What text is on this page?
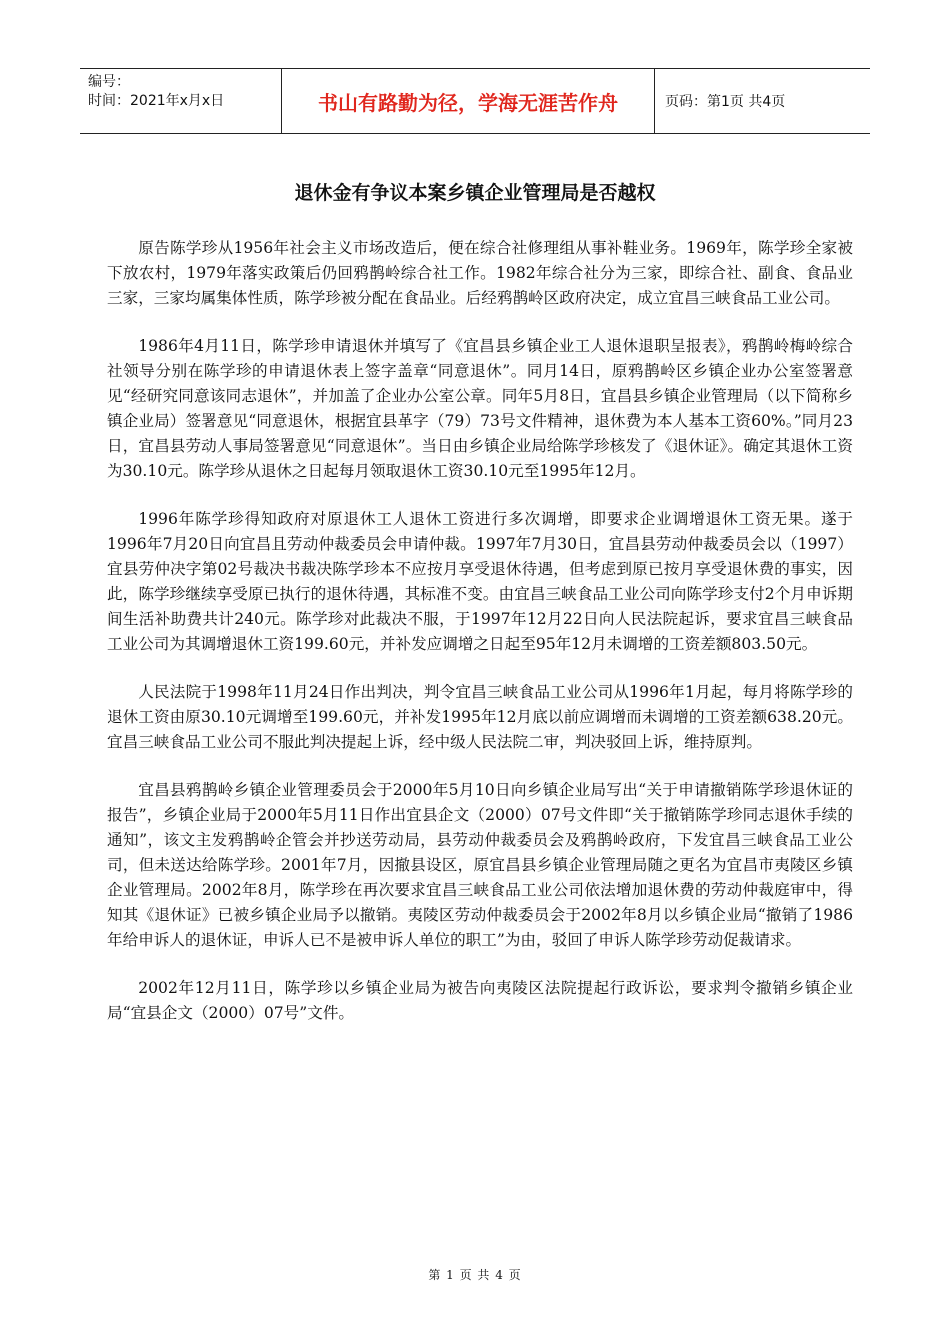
编号：
时间：2021年x月x日	书山有路勤为径，学海无涯苦作舟	页码：第1页 共4页
退休金有争议本案乡镇企业管理局是否越权

原告陈学珍从1956年社会主义市场改造后，便在综合社修理组从事补鞋业务。1969年，陈学珍全家被下放农村，1979年落实政策后仍回鸦鹊岭综合社工作。1982年综合社分为三家，即综合社、副食、食品业三家，三家均属集体性质，陈学珍被分配在食品业。后经鸦鹊岭区政府决定，成立宜昌三峡食品工业公司。

1986年4月11日，陈学珍申请退休并填写了《宜昌县乡镇企业工人退休退职呈报表》，鸦鹊岭梅岭综合社领导分别在陈学珍的申请退休表上签字盖章“同意退休”。同月14日，原鸦鹊岭区乡镇企业办公室签署意见“经研究同意该同志退休”，并加盖了企业办公室公章。同年5月8日，宜昌县乡镇企业管理局（以下简称乡镇企业局）签署意见“同意退休，根据宜县革字（79）73号文件精神，退休费为本人基本工资60%。”同月23日，宜昌县劳动人事局签署意见“同意退休”。当日由乡镇企业局给陈学珍核发了《退休证》。确定其退休工资为30.10元。陈学珍从退休之日起每月领取退休工资30.10元至1995年12月。

1996年陈学珍得知政府对原退休工人退休工资进行多次调增，即要求企业调增退休工资无果。遂于1996年7月20日向宜昌且劳动仲裁委员会申请仲裁。1997年7月30日，宜昌县劳动仲裁委员会以（1997）宜县劳仲决字第02号裁决书裁决陈学珍本不应按月享受退休待遇，但考虑到原已按月享受退休费的事实，因此，陈学珍继续享受原已执行的退休待遇，其标准不变。由宜昌三峡食品工业公司向陈学珍支付2个月申诉期间生活补助费共计240元。陈学珍对此裁决不服，于1997年12月22日向人民法院起诉，要求宜昌三峡食品工业公司为其调增退休工资199.60元，并补发应调增之日起至95年12月未调增的工资差额803.50元。

人民法院于1998年11月24日作出判决，判令宜昌三峡食品工业公司从1996年1月起，每月将陈学珍的退休工资由原30.10元调增至199.60元，并补发1995年12月底以前应调增而未调增的工资差额638.20元。宜昌三峡食品工业公司不服此判决提起上诉，经中级人民法院二审，判决驳回上诉，维持原判。

宜昌县鸦鹊岭乡镇企业管理委员会于2000年5月10日向乡镇企业局写出“关于申请撤销陈学珍退休证的报告”，乡镇企业局于2000年5月11日作出宜县企文（2000）07号文件即“关于撤销陈学珍同志退休手续的通知”，该文主发鸦鹊岭企管会并抄送劳动局，县劳动仲裁委员会及鸦鹊岭政府，下发宜昌三峡食品工业公司，但未送达给陈学珍。2001年7月，因撤县设区，原宜昌县乡镇企业管理局随之更名为宜昌市夷陵区乡镇企业管理局。2002年8月，陈学珍在再次要求宜昌三峡食品工业公司依法增加退休费的劳动仲裁庭审中，得知其《退休证》已被乡镇企业局予以撤销。夷陵区劳动仲裁委员会于2002年8月以乡镇企业局“撤销了1986年给申诉人的退休证，申诉人已不是被申诉人单位的职工”为由，驳回了申诉人陈学珍劳动促裁请求。

2002年12月11日，陈学珍以乡镇企业局为被告向夷陵区法院提起行政诉讼，要求判令撤销乡镇企业局“宜县企文（2000）07号”文件。

第 1 页 共 4 页
